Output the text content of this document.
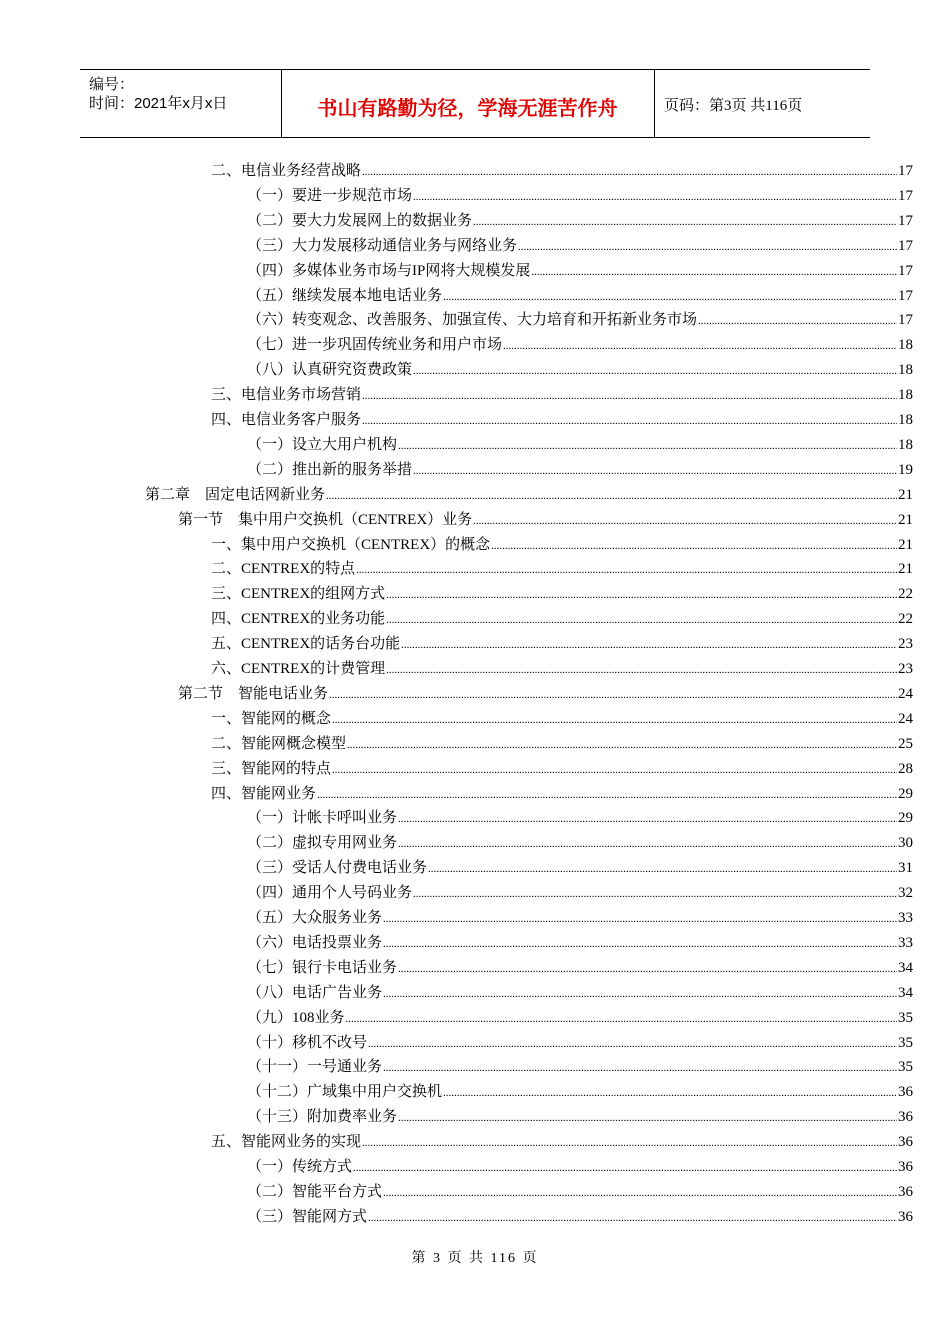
编号：
时间：2021年x月x日	书山有路勤为径，学海无涯苦作舟	页码：第3页 共116页
二、电信业务经营战略 .....	17
（一）要进一步规范市场 .....	17
（二）要大力发展网上的数据业务 .....	17
（三）大力发展移动通信业务与网络业务 .....	17
（四）多媒体业务市场与IP网将大规模发展 .....	17
（五）继续发展本地电话业务 .....	17
（六）转变观念、改善服务、加强宣传、大力培育和开拓新业务市场 .....	17
（七）进一步巩固传统业务和用户市场 .....	18
（八）认真研究资费政策 .....	18
三、电信业务市场营销 .....	18
四、电信业务客户服务 .....	18
（一）设立大用户机构 .....	18
（二）推出新的服务举措 .....	19
第二章　固定电话网新业务 .....	21
第一节　集中用户交换机（CENTREX）业务 .....	21
一、集中用户交换机（CENTREX）的概念 .....	21
二、CENTREX的特点 .....	21
三、CENTREX的组网方式 .....	22
四、CENTREX的业务功能 .....	22
五、CENTREX的话务台功能 .....	23
六、CENTREX的计费管理 .....	23
第二节　智能电话业务 .....	24
一、智能网的概念 .....	24
二、智能网概念模型 .....	25
三、智能网的特点 .....	28
四、智能网业务 .....	29
（一）计帐卡呼叫业务 .....	29
（二）虚拟专用网业务 .....	30
（三）受话人付费电话业务 .....	31
（四）通用个人号码业务 .....	32
（五）大众服务业务 .....	33
（六）电话投票业务 .....	33
（七）银行卡电话业务 .....	34
（八）电话广告业务 .....	34
（九）108业务 .....	35
（十）移机不改号 .....	35
（十一）一号通业务 .....	35
（十二）广域集中用户交换机 .....	36
（十三）附加费率业务 .....	36
五、智能网业务的实现 .....	36
（一）传统方式 .....	36
（二）智能平台方式 .....	36
（三）智能网方式 .....	36
第 3 页 共 116 页
